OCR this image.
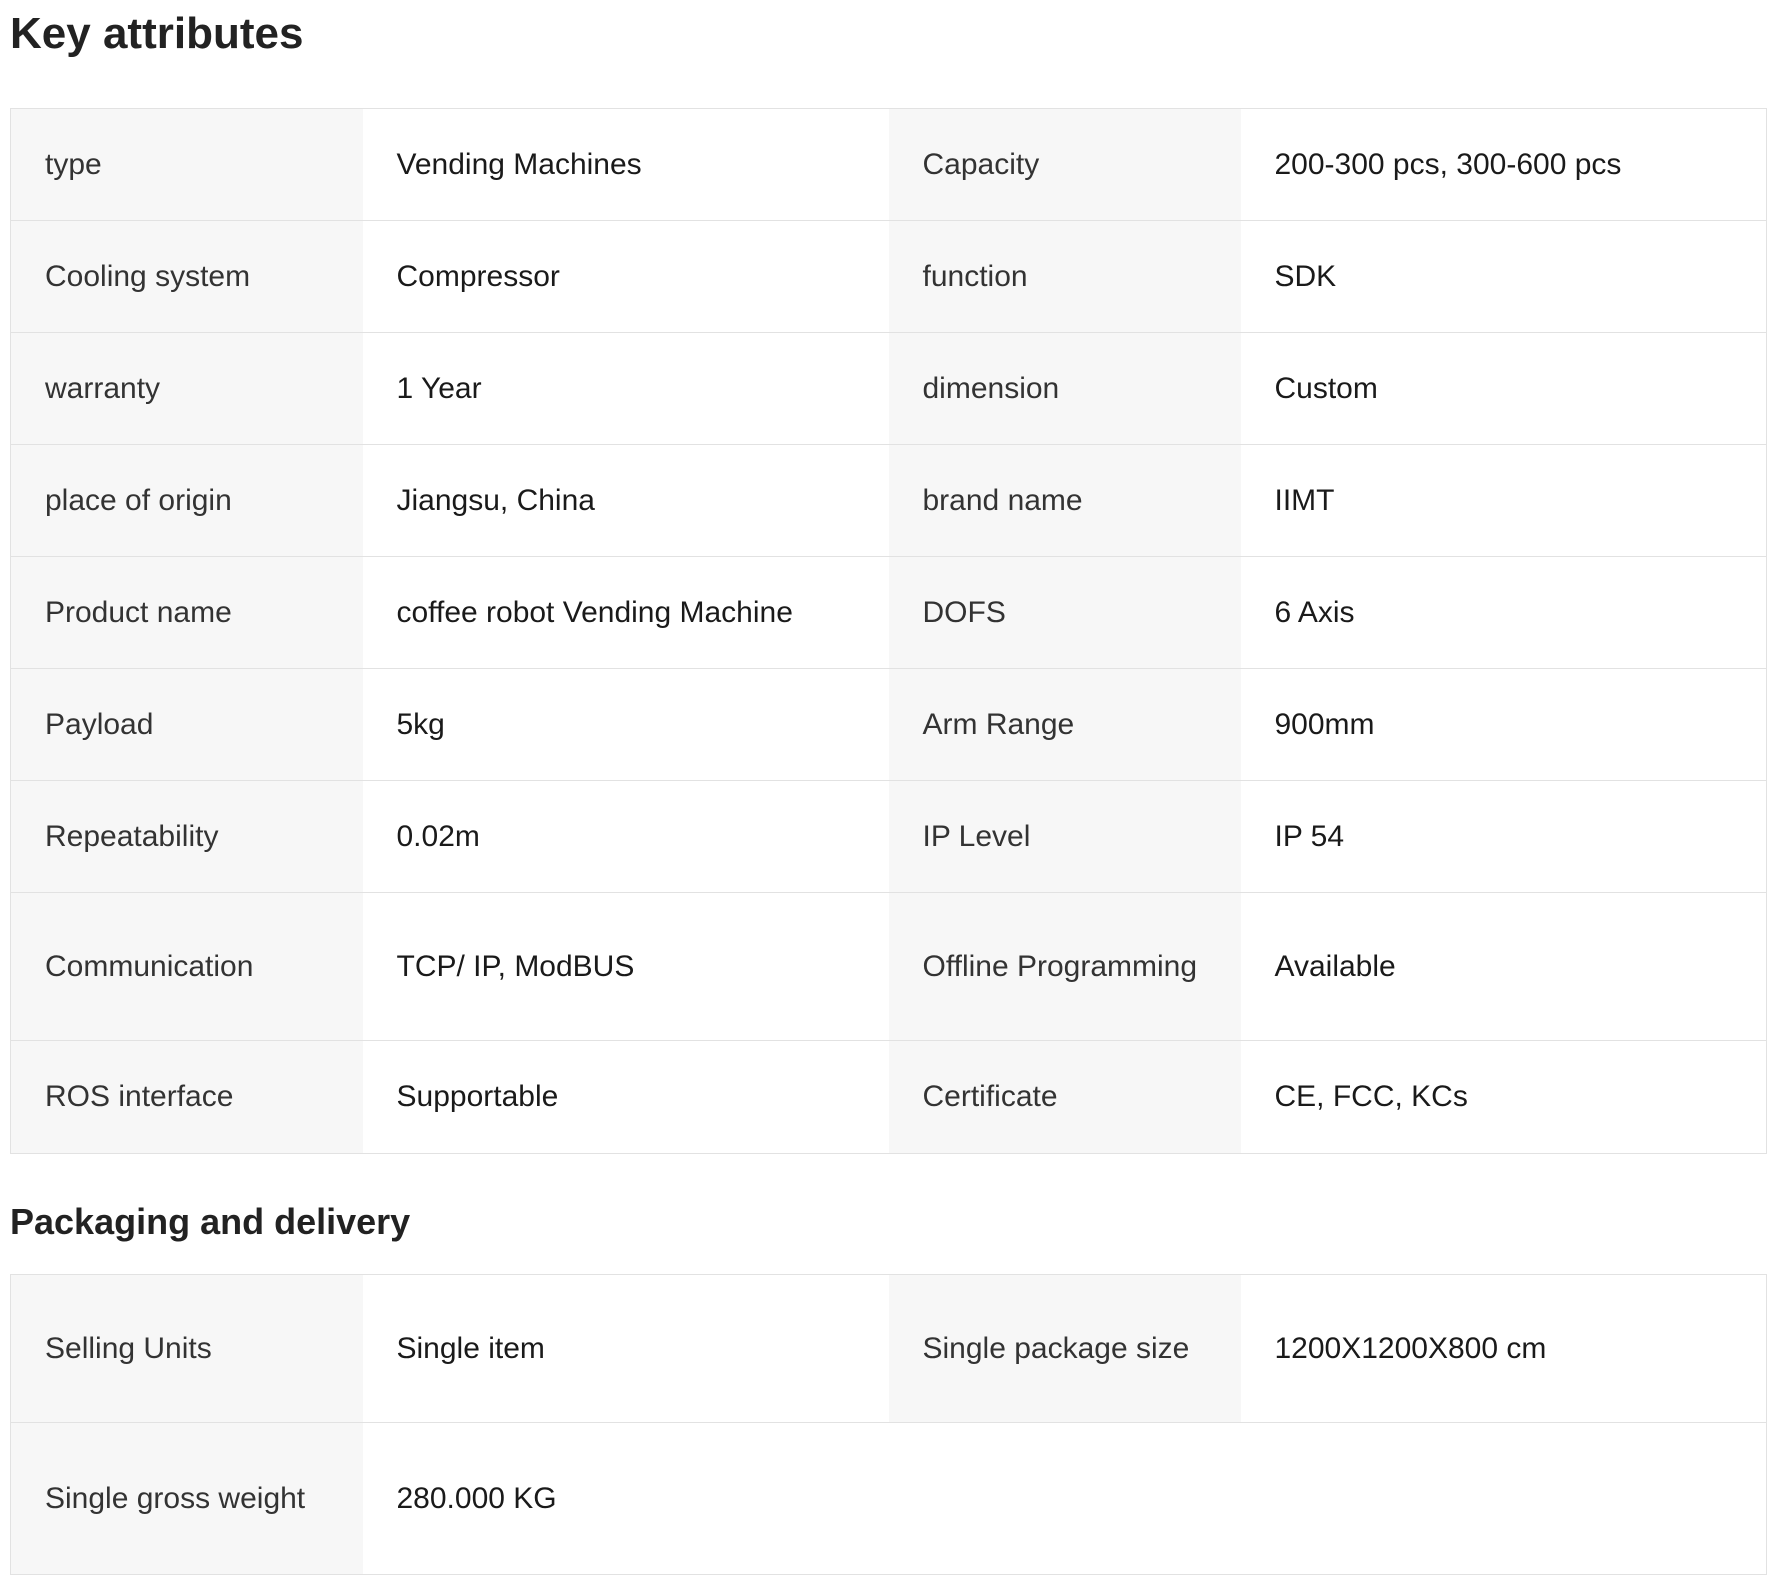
Key attributes
type	Vending Machines	Capacity	200-300 pcs, 300-600 pcs
Cooling system	Compressor	function	SDK
warranty	1 Year	dimension	Custom
place of origin	Jiangsu, China	brand name	IIMT
Product name	coffee robot Vending Machine	DOFS	6 Axis
Payload	5kg	Arm Range	900mm
Repeatability	0.02m	IP Level	IP 54
Communication	TCP/ IP, ModBUS	Offline Programming	Available
ROS interface	Supportable	Certificate	CE, FCC, KCs
Packaging and delivery
Selling Units	Single item	Single package size	1200X1200X800 cm
Single gross weight	280.000 KG		
